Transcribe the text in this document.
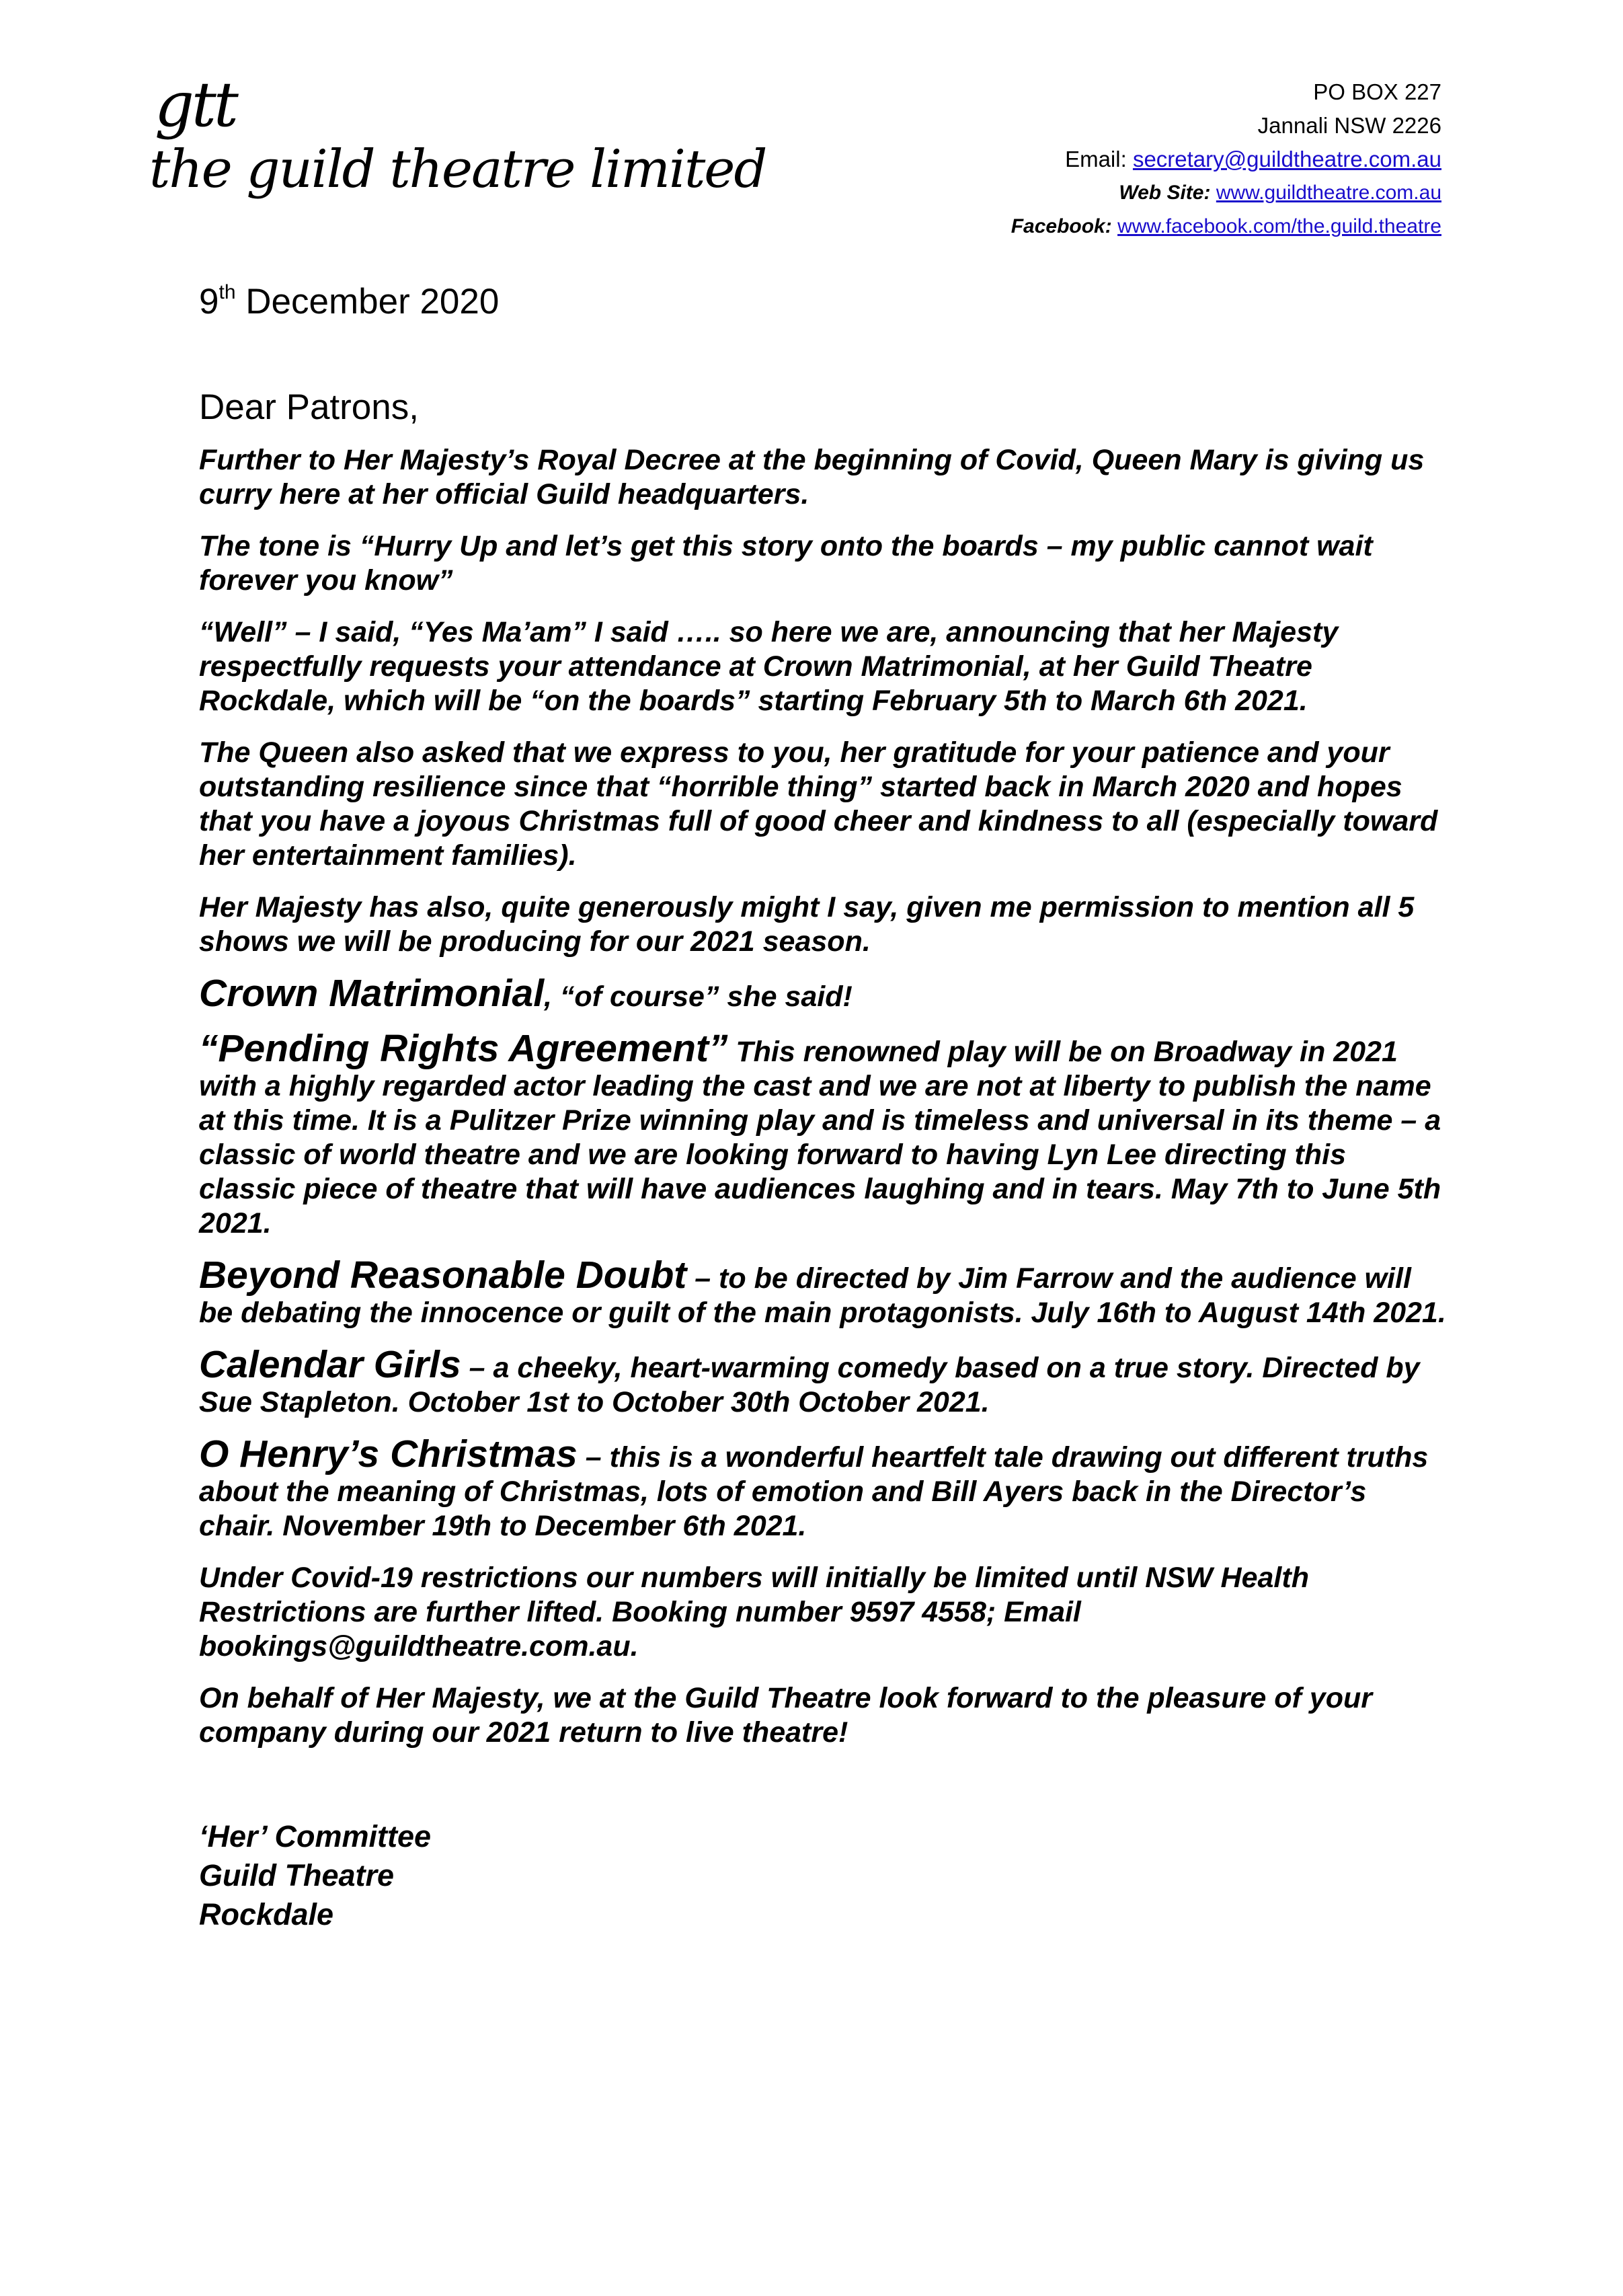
gtt
the guild theatre limited
PO BOX 227
Jannali NSW 2226
Email: secretary@guildtheatre.com.au
Web Site: www.guildtheatre.com.au
Facebook: www.facebook.com/the.guild.theatre
9th December 2020
Dear Patrons,

Further to Her Majesty’s Royal Decree at the beginning of Covid, Queen Mary is giving us curry here at her official Guild headquarters.

The tone is “Hurry Up and let’s get this story onto the boards – my public cannot wait forever you know”

“Well” – I said, “Yes Ma’am” I said ….. so here we are, announcing that her Majesty respectfully requests your attendance at Crown Matrimonial, at her Guild Theatre Rockdale, which will be “on the boards” starting February 5th to March 6th 2021.

The Queen also asked that we express to you, her gratitude for your patience and your outstanding resilience since that “horrible thing” started back in March 2020 and hopes that you have a joyous Christmas full of good cheer and kindness to all (especially toward her entertainment families).

Her Majesty has also, quite generously might I say, given me permission to mention all 5 shows we will be producing for our 2021 season.

Crown Matrimonial, “of course” she said!

“Pending Rights Agreement” This renowned play will be on Broadway in 2021 with a highly regarded actor leading the cast and we are not at liberty to publish the name at this time. It is a Pulitzer Prize winning play and is timeless and universal in its theme – a classic of world theatre and we are looking forward to having Lyn Lee directing this classic piece of theatre that will have audiences laughing and in tears. May 7th to June 5th 2021.

Beyond Reasonable Doubt – to be directed by Jim Farrow and the audience will be debating the innocence or guilt of the main protagonists. July 16th to August 14th 2021.

Calendar Girls – a cheeky, heart-warming comedy based on a true story. Directed by Sue Stapleton. October 1st to October 30th October 2021.

O Henry’s Christmas – this is a wonderful heartfelt tale drawing out different truths about the meaning of Christmas, lots of emotion and Bill Ayers back in the Director’s chair. November 19th to December 6th 2021.

Under Covid-19 restrictions our numbers will initially be limited until NSW Health Restrictions are further lifted. Booking number 9597 4558; Email bookings@guildtheatre.com.au.

On behalf of Her Majesty, we at the Guild Theatre look forward to the pleasure of your company during our 2021 return to live theatre!

‘Her’ Committee
Guild Theatre
Rockdale
